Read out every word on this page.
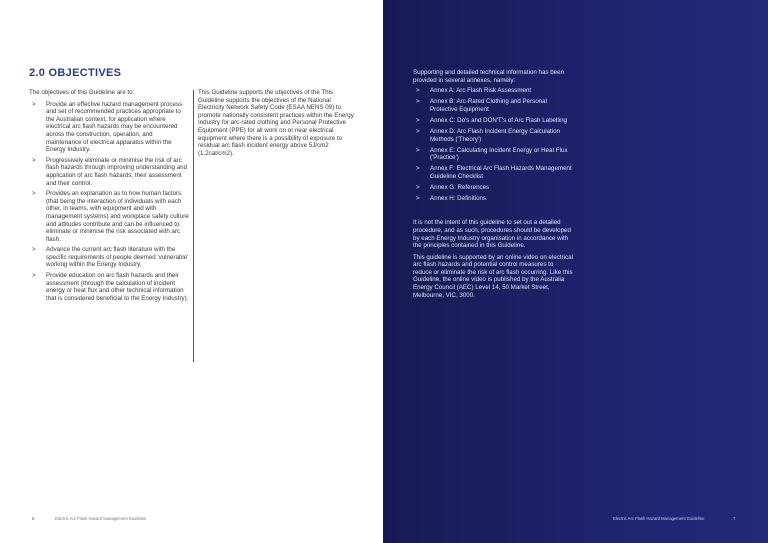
2.0 OBJECTIVES

The objectives of this Guideline are to:

> Provide an effective hazard management process and set of recommended practices appropriate to the Australian context, for application where electrical arc flash hazards may be encountered across the construction, operation, and maintenance of electrical apparatus within the Energy Industry.
> Progressively eliminate or minimise the risk of arc flash hazards through improving understanding and application of arc flash hazards, their assessment and their control.
> Provides an explanation as to how human factors (that being the interaction of individuals with each other, in teams, with equipment and with management systems) and workplace safety culture and attitudes contribute and can be influenced to eliminate or minimise the risk associated with arc flash.
> Advance the current arc flash literature with the specific requirements of people deemed 'vulnerable' working within the Energy Industry.
> Provide education on arc flash hazards and their assessment (through the calculation of incident energy or heat flux and other technical information that is considered beneficial to the Energy Industry).

This Guideline supports the objectives of the This Guideline supports the objectives of the National Electricity Network Safety Code (ESAA NENS 09) to promote nationally consistent practices within the Energy Industry for arc-rated clothing and Personal Protective Equipment (PPE) for all work on or near electrical equipment where there is a possibility of exposure to residual arc flash incident energy above 5J/cm2 (1.2cal/cm2).

6	Electric Arc Flash Hazard Management Guideline

Supporting and detailed technical information has been provided in several annexes, namely:

> Annex A: Arc Flash Risk Assessment
> Annex B: Arc-Rated Clothing and Personal Protective Equipment
> Annex C: Do's and DON'T's of Arc Flash Labelling
> Annex D: Arc Flash Incident Energy Calculation Methods ('Theory')
> Annex E: Calculating Incident Energy or Heat Flux ('Practice')
> Annex F: Electrical Arc Flash Hazards Management Guideline Checklist
> Annex G: References
> Annex H: Definitions

It is not the intent of this guideline to set out a detailed procedure, and as such, procedures should be developed by each Energy Industry organisation in accordance with the principles contained in this Guideline.

This guideline is supported by an online video on electrical arc flash hazards and potential control measures to reduce or eliminate the risk of arc flash occurring. Like this Guideline, the online video is published by the Australia Energy Council (AEC) Level 14, 50 Market Street, Melbourne, VIC, 3000.

Electric Arc Flash Hazard Management Guideline	7
